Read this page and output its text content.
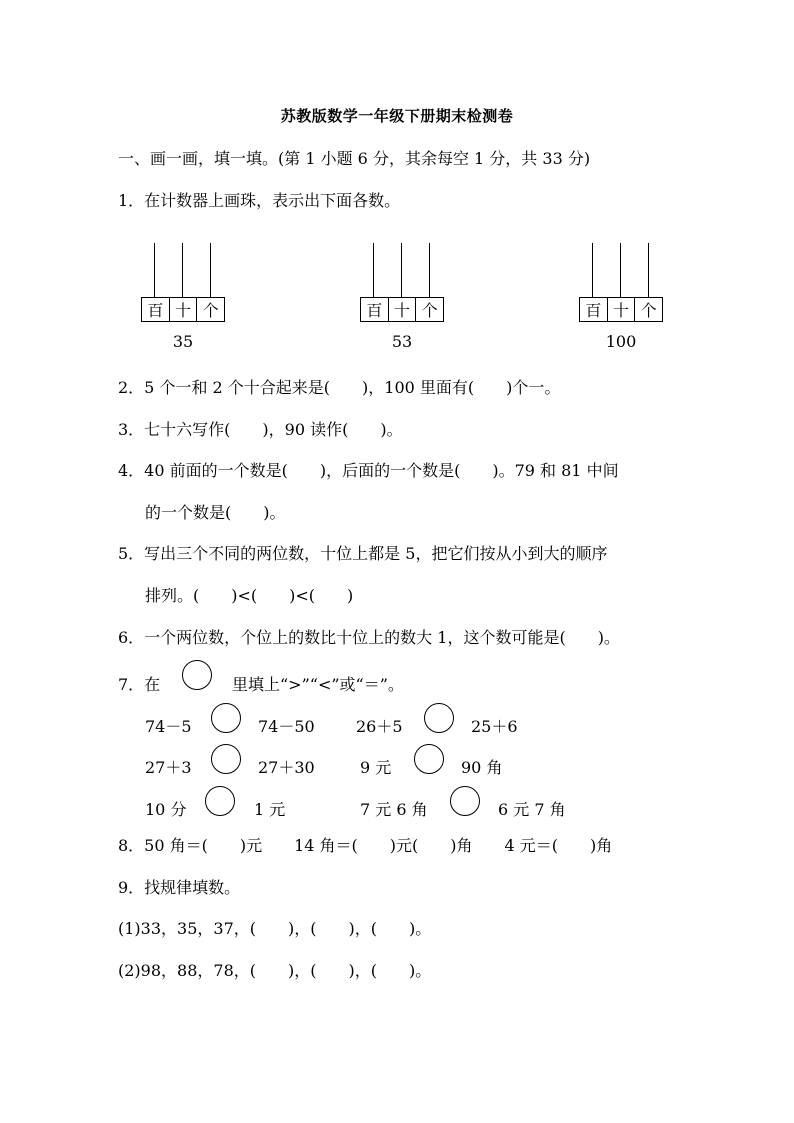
苏教版数学一年级下册期末检测卷
一、画一画，填一填。(第 1 小题 6 分，其余每空 1 分，共 33 分)
1．在计数器上画珠，表示出下面各数。
百 十 个
35
百 十 个
53
百 十 个
100
2．5 个一和 2 个十合起来是(　　)，100 里面有(　　)个一。
3．七十六写作(　　)，90 读作(　　)。
4．40 前面的一个数是(　　)，后面的一个数是(　　)。79 和 81 中间
的一个数是(　　)。
5．写出三个不同的两位数，十位上都是 5，把它们按从小到大的顺序
排列。(　　)<(　　)<(　　)
6．一个两位数，个位上的数比十位上的数大 1，这个数可能是(　　)。
7．在	里填上“>”“<”或“＝”。
74－5	74－50	26＋5	25＋6
27＋3	27＋30	9 元	90 角
10 分	1 元	7 元 6 角	6 元 7 角
8．50 角＝(　　)元　　14 角＝(　　)元(　　)角　　4 元＝(　　)角
9．找规律填数。
(1)33，35，37，(　　)，(　　)，(　　)。
(2)98，88，78，(　　)，(　　)，(　　)。
